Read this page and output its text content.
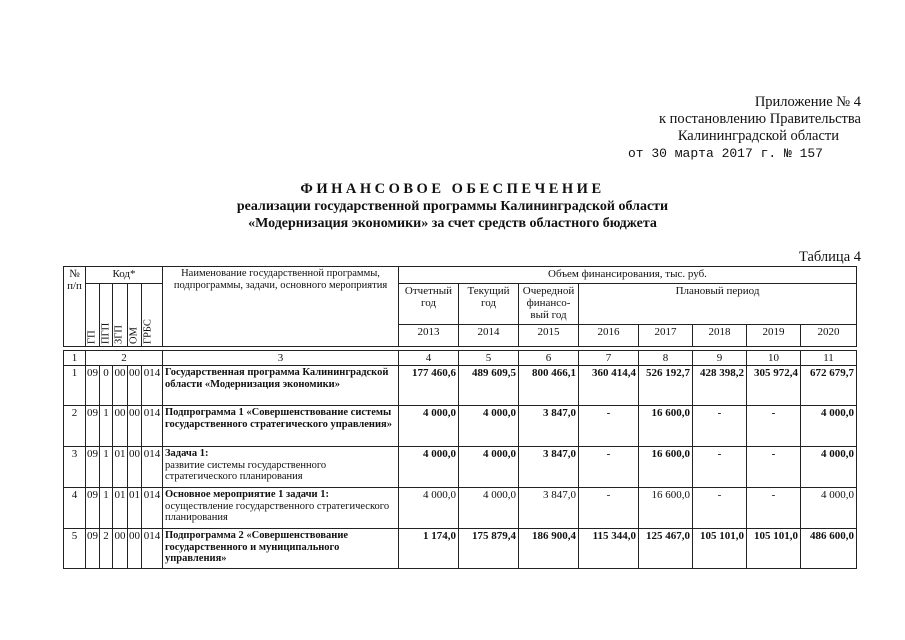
Приложение № 4
к постановлению Правительства
Калининградской области
от 30 марта 2017 г. № 157
ФИНАНСОВОЕ ОБЕСПЕЧЕНИЕ
реализации государственной программы Калининградской области
«Модернизация экономики» за счет средств областного бюджета
Таблица 4
№ п/п	Код*					Наименование государственной программы, подпрограммы, задачи, основного мероприятия	Объем финансирования, тыс. руб.							
	ГП	ПГП	ЗГП	ОМ	ГРБС		Отчетный год	Текущий год	Очередной финансо-вый год	Плановый период				
							2013	2014	2015	2016	2017	2018	2019	2020

1	2					3	4	5	6	7	8	9	10	11
1	09	0	00	00	014	Государственная программа Калининградской области «Модернизация экономики»	177 460,6	489 609,5	800 466,1	360 414,4	526 192,7	428 398,2	305 972,4	672 679,7
2	09	1	00	00	014	Подпрограмма 1 «Совершенствование системы государственного стратегического управления»	4 000,0	4 000,0	3 847,0	-	16 600,0	-	-	4 000,0
3	09	1	01	00	014	Задача 1:
развитие системы государственного стратегического планирования	4 000,0	4 000,0	3 847,0	-	16 600,0	-	-	4 000,0
4	09	1	01	01	014	Основное мероприятие 1 задачи 1:
осуществление государственного стратегического планирования	4 000,0	4 000,0	3 847,0	-	16 600,0	-	-	4 000,0
5	09	2	00	00	014	Подпрограмма 2 «Совершенствование государственного и муниципального управления»	1 174,0	175 879,4	186 900,4	115 344,0	125 467,0	105 101,0	105 101,0	486 600,0
